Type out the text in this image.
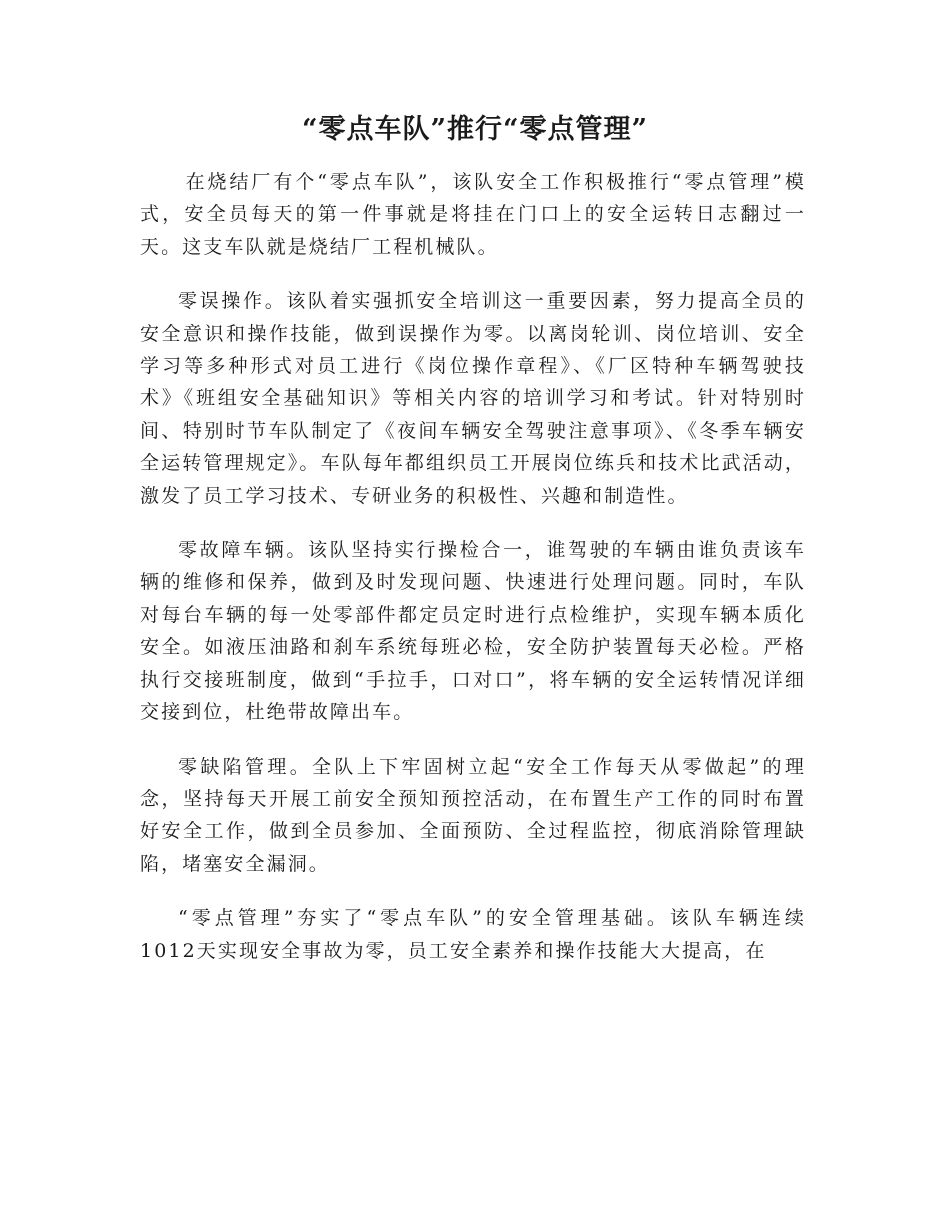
“零点车队”推行“零点管理”

在烧结厂有个“零点车队”，该队安全工作积极推行“零点管理”模式，安全员每天的第一件事就是将挂在门口上的安全运转日志翻过一天。这支车队就是烧结厂工程机械队。

零误操作。该队着实强抓安全培训这一重要因素，努力提高全员的安全意识和操作技能，做到误操作为零。以离岗轮训、岗位培训、安全学习等多种形式对员工进行《岗位操作章程》、《厂区特种车辆驾驶技术》《班组安全基础知识》等相关内容的培训学习和考试。针对特别时间、特别时节车队制定了《夜间车辆安全驾驶注意事项》、《冬季车辆安全运转管理规定》。车队每年都组织员工开展岗位练兵和技术比武活动，激发了员工学习技术、专研业务的积极性、兴趣和制造性。

零故障车辆。该队坚持实行操检合一，谁驾驶的车辆由谁负责该车辆的维修和保养，做到及时发现问题、快速进行处理问题。同时，车队对每台车辆的每一处零部件都定员定时进行点检维护，实现车辆本质化安全。如液压油路和刹车系统每班必检，安全防护装置每天必检。严格执行交接班制度，做到“手拉手，口对口”，将车辆的安全运转情况详细交接到位，杜绝带故障出车。

零缺陷管理。全队上下牢固树立起“安全工作每天从零做起”的理念，坚持每天开展工前安全预知预控活动，在布置生产工作的同时布置好安全工作，做到全员参加、全面预防、全过程监控，彻底消除管理缺陷，堵塞安全漏洞。

“零点管理”夯实了“零点车队”的安全管理基础。该队车辆连续1012天实现安全事故为零，员工安全素养和操作技能大大提高，在
